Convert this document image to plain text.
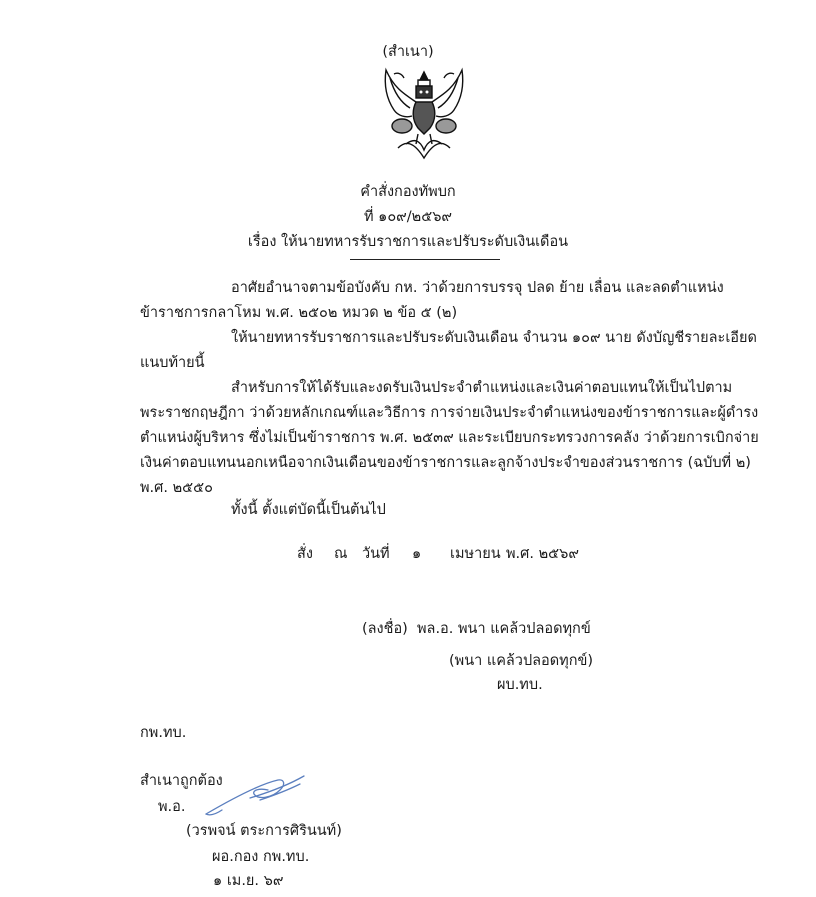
(สำเนา)
คำสั่งกองทัพบก
ที่ ๑๐๙/๒๕๖๙
เรื่อง ให้นายทหารรับราชการและปรับระดับเงินเดือน
อาศัยอำนาจตามข้อบังคับ กห. ว่าด้วยการบรรจุ ปลด ย้าย เลื่อน และลดตำแหน่ง
ข้าราชการกลาโหม พ.ศ. ๒๕๐๒ หมวด ๒ ข้อ ๕ (๒)
ให้นายทหารรับราชการและปรับระดับเงินเดือน จำนวน ๑๐๙ นาย ดังบัญชีรายละเอียด
แนบท้ายนี้
สำหรับการให้ได้รับและงดรับเงินประจำตำแหน่งและเงินค่าตอบแทนให้เป็นไปตาม
พระราชกฤษฎีกา ว่าด้วยหลักเกณฑ์และวิธีการ การจ่ายเงินประจำตำแหน่งของข้าราชการและผู้ดำรง
ตำแหน่งผู้บริหาร ซึ่งไม่เป็นข้าราชการ พ.ศ. ๒๕๓๙ และระเบียบกระทรวงการคลัง ว่าด้วยการเบิกจ่าย
เงินค่าตอบแทนนอกเหนือจากเงินเดือนของข้าราชการและลูกจ้างประจำของส่วนราชการ (ฉบับที่ ๒)
พ.ศ. ๒๕๕๐
ทั้งนี้ ตั้งแต่บัดนี้เป็นต้นไป
สั่ง ณ วันที่ ๑ เมษายน พ.ศ. ๒๕๖๙
(ลงชื่อ) พล.อ. พนา แคล้วปลอดทุกข์
(พนา แคล้วปลอดทุกข์)
ผบ.ทบ.
กพ.ทบ.
สำเนาถูกต้อง
พ.อ.
(วรพจน์ ตระการศิรินนท์)
ผอ.กอง กพ.ทบ.
๑ เม.ย. ๖๙
